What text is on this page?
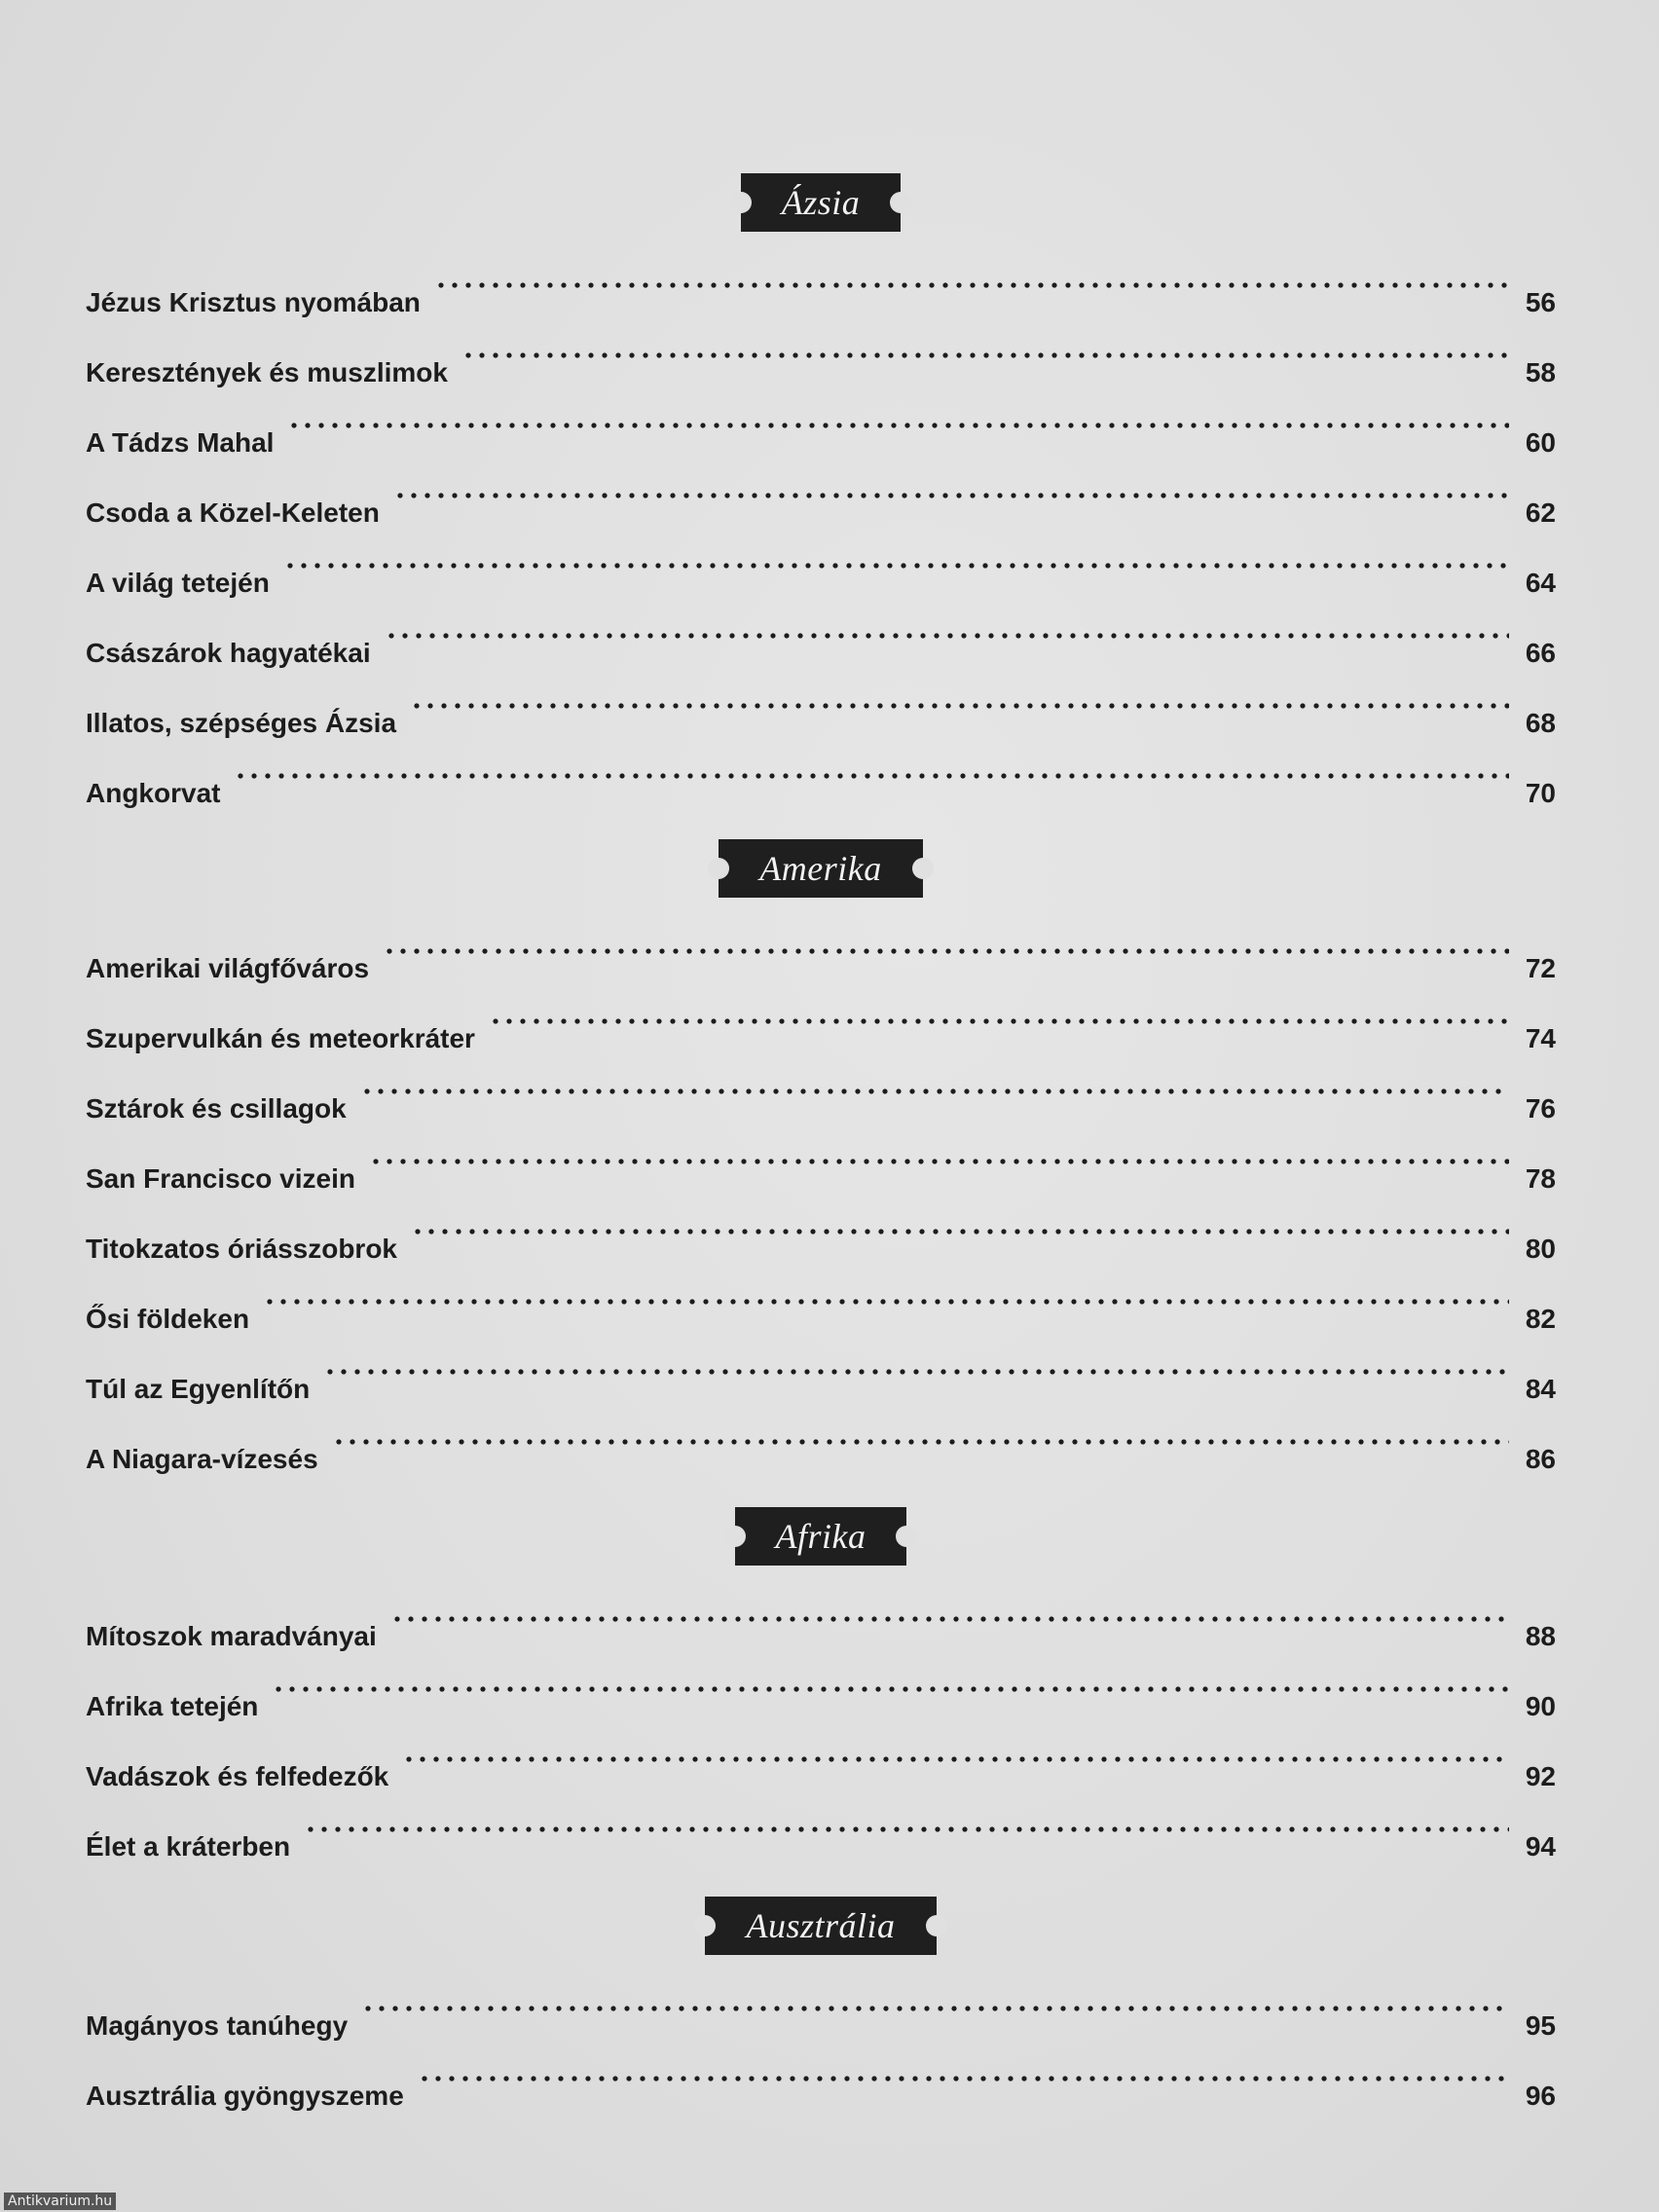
Ázsia
Jézus Krisztus nyomában	56
Keresztények és muszlimok	58
A Tádzs Mahal	60
Csoda a Közel-Keleten	62
A világ tetején	64
Császárok hagyatékai	66
Illatos, szépséges Ázsia	68
Angkorvat	70
Amerika
Amerikai világfőváros	72
Szupervulkán és meteorkráter	74
Sztárok és csillagok	76
San Francisco vizein	78
Titokzatos óriásszobrok	80
Ősi földeken	82
Túl az Egyenlítőn	84
A Niagara-vízesés	86
Afrika
Mítoszok maradványai	88
Afrika tetején	90
Vadászok és felfedezők	92
Élet a kráterben	94
Ausztrália
Magányos tanúhegy	95
Ausztrália gyöngyszeme	96
Antikvarium.hu
